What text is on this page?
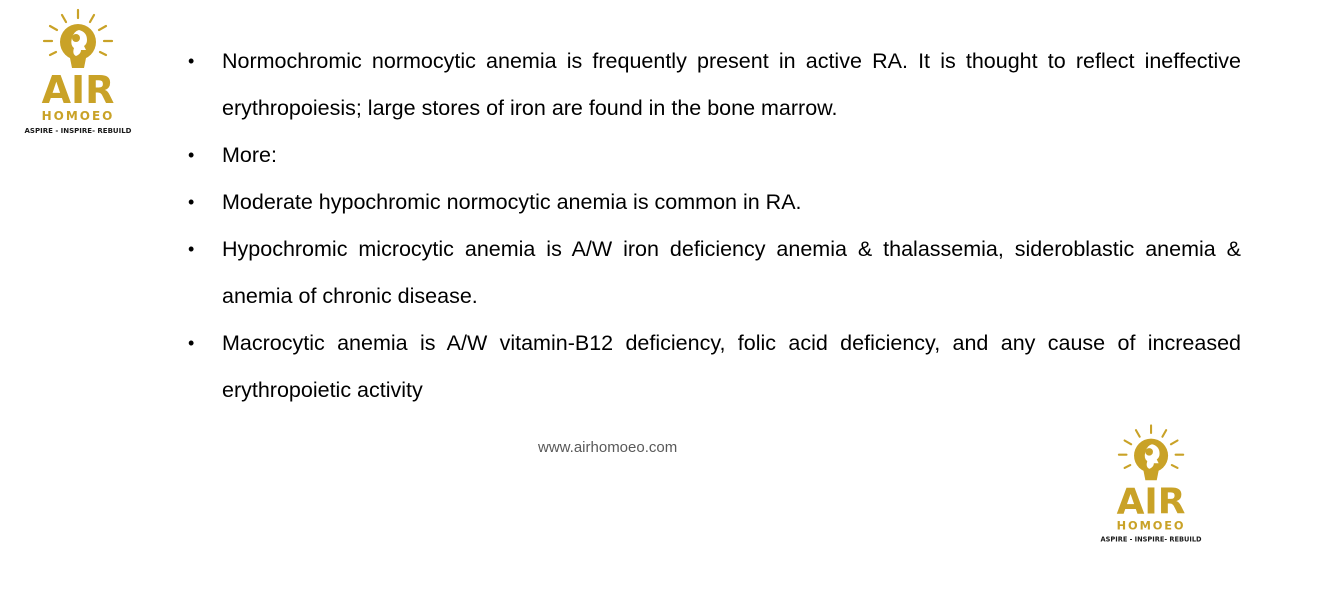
AIR
HOMOEO
ASPIRE - INSPIRE- REBUILD
• Normochromic normocytic anemia is frequently present in active RA. It is thought to reflect ineffective erythropoiesis; large stores of iron are found in the bone marrow.
• More:
• Moderate hypochromic normocytic anemia is common in RA.
• Hypochromic microcytic anemia is A/W iron deficiency anemia & thalassemia, sideroblastic anemia & anemia of chronic disease.
• Macrocytic anemia is A/W vitamin-B12 deficiency, folic acid deficiency, and any cause of increased erythropoietic activity
www.airhomoeo.com
AIR
HOMOEO
ASPIRE - INSPIRE- REBUILD
